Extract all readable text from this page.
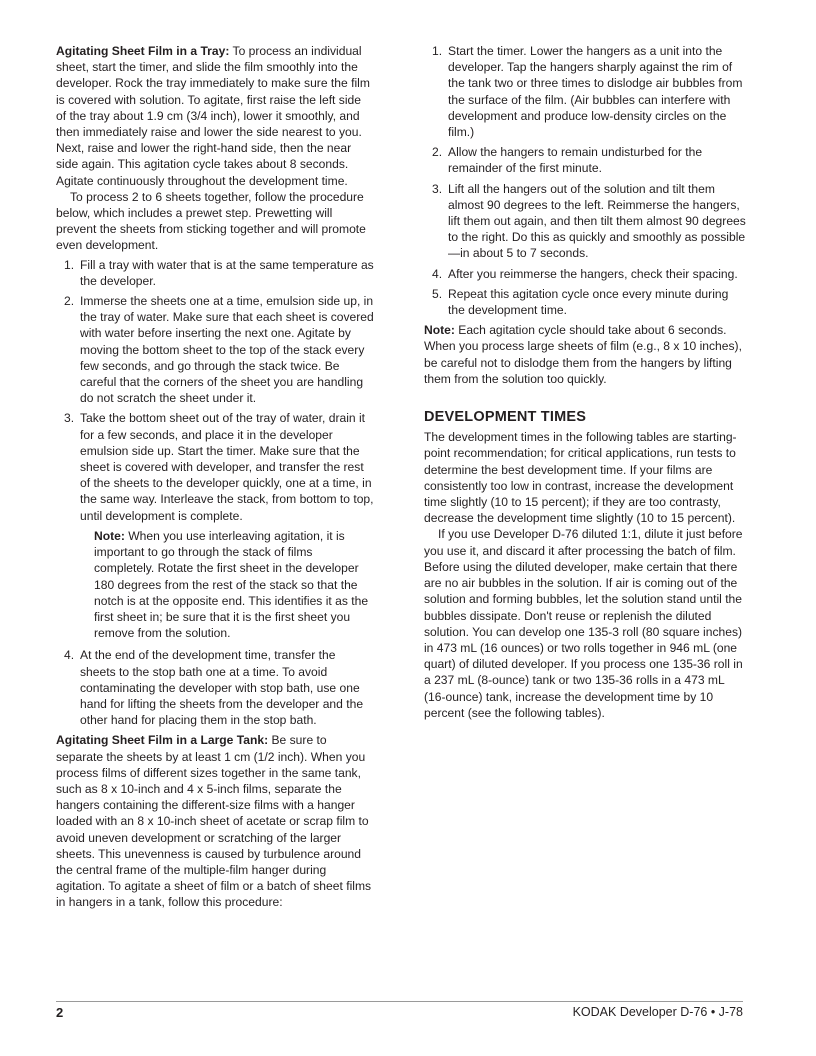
Agitating Sheet Film in a Tray: To process an individual sheet, start the timer, and slide the film smoothly into the developer. Rock the tray immediately to make sure the film is covered with solution. To agitate, first raise the left side of the tray about 1.9 cm (3/4 inch), lower it smoothly, and then immediately raise and lower the side nearest to you. Next, raise and lower the right-hand side, then the near side again. This agitation cycle takes about 8 seconds. Agitate continuously throughout the development time.

To process 2 to 6 sheets together, follow the procedure below, which includes a prewet step. Prewetting will prevent the sheets from sticking together and will promote even development.

1. Fill a tray with water that is at the same temperature as the developer.
2. Immerse the sheets one at a time, emulsion side up, in the tray of water. Make sure that each sheet is covered with water before inserting the next one. Agitate by moving the bottom sheet to the top of the stack every few seconds, and go through the stack twice. Be careful that the corners of the sheet you are handling do not scratch the sheet under it.
3. Take the bottom sheet out of the tray of water, drain it for a few seconds, and place it in the developer emulsion side up. Start the timer. Make sure that the sheet is covered with developer, and transfer the rest of the sheets to the developer quickly, one at a time, in the same way. Interleave the stack, from bottom to top, until development is complete.

Note: When you use interleaving agitation, it is important to go through the stack of films completely. Rotate the first sheet in the developer 180 degrees from the rest of the stack so that the notch is at the opposite end. This identifies it as the first sheet in; be sure that it is the first sheet you remove from the solution.

4. At the end of the development time, transfer the sheets to the stop bath one at a time. To avoid contaminating the developer with stop bath, use one hand for lifting the sheets from the developer and the other hand for placing them in the stop bath.

Agitating Sheet Film in a Large Tank: Be sure to separate the sheets by at least 1 cm (1/2 inch). When you process films of different sizes together in the same tank, such as 8 x 10-inch and 4 x 5-inch films, separate the hangers containing the different-size films with a hanger loaded with an 8 x 10-inch sheet of acetate or scrap film to avoid uneven development or scratching of the larger sheets. This unevenness is caused by turbulence around the central frame of the multiple-film hanger during agitation. To agitate a sheet of film or a batch of sheet films in hangers in a tank, follow this procedure:

1. Start the timer. Lower the hangers as a unit into the developer. Tap the hangers sharply against the rim of the tank two or three times to dislodge air bubbles from the surface of the film. (Air bubbles can interfere with development and produce low-density circles on the film.)
2. Allow the hangers to remain undisturbed for the remainder of the first minute.
3. Lift all the hangers out of the solution and tilt them almost 90 degrees to the left. Reimmerse the hangers, lift them out again, and then tilt them almost 90 degrees to the right. Do this as quickly and smoothly as possible—in about 5 to 7 seconds.
4. After you reimmerse the hangers, check their spacing.
5. Repeat this agitation cycle once every minute during the development time.

Note: Each agitation cycle should take about 6 seconds. When you process large sheets of film (e.g., 8 x 10 inches), be careful not to dislodge them from the hangers by lifting them from the solution too quickly.

DEVELOPMENT TIMES

The development times in the following tables are starting-point recommendation; for critical applications, run tests to determine the best development time. If your films are consistently too low in contrast, increase the development time slightly (10 to 15 percent); if they are too contrasty, decrease the development time slightly (10 to 15 percent).

If you use Developer D-76 diluted 1:1, dilute it just before you use it, and discard it after processing the batch of film. Before using the diluted developer, make certain that there are no air bubbles in the solution. If air is coming out of the solution and forming bubbles, let the solution stand until the bubbles dissipate. Don't reuse or replenish the diluted solution. You can develop one 135-3 roll (80 square inches) in 473 mL (16 ounces) or two rolls together in 946 mL (one quart) of diluted developer. If you process one 135-36 roll in a 237 mL (8-ounce) tank or two 135-36 rolls in a 473 mL (16-ounce) tank, increase the development time by 10 percent (see the following tables).

2	KODAK Developer D-76 • J-78
